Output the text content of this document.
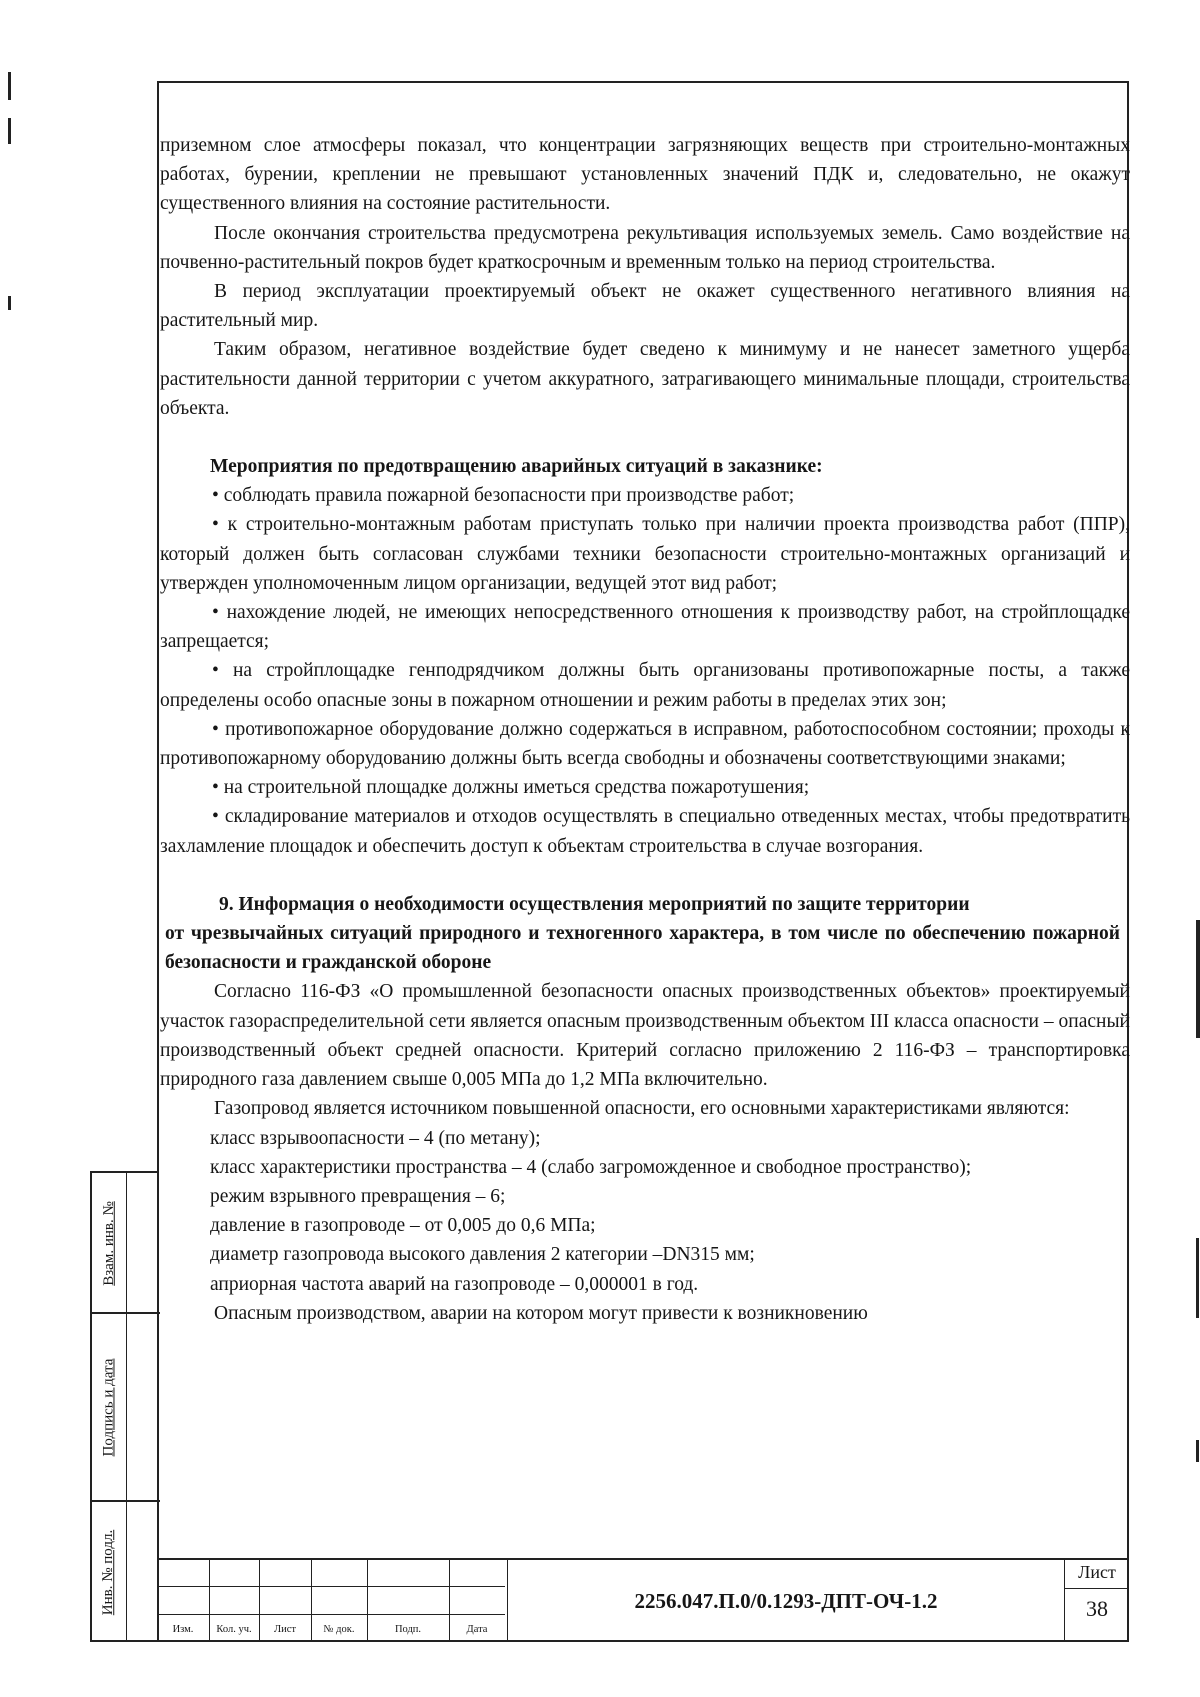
приземном слое атмосферы показал, что концентрации загрязняющих веществ при строительно-монтажных работах, бурении, креплении не превышают установленных значений ПДК и, следовательно, не окажут существенного влияния на состояние растительности.

После окончания строительства предусмотрена рекультивация используемых земель. Само воздействие на почвенно-растительный покров будет краткосрочным и временным только на период строительства.

В период эксплуатации проектируемый объект не окажет существенного негативного влияния на растительный мир.

Таким образом, негативное воздействие будет сведено к минимуму и не нанесет заметного ущерба растительности данной территории с учетом аккуратного, затрагивающего минимальные площади, строительства объекта.

Мероприятия по предотвращению аварийных ситуаций в заказнике:

• соблюдать правила пожарной безопасности при производстве работ;

• к строительно-монтажным работам приступать только при наличии проекта производства работ (ППР), который должен быть согласован службами техники безопасности строительно-монтажных организаций и утвержден уполномоченным лицом организации, ведущей этот вид работ;

• нахождение людей, не имеющих непосредственного отношения к производству работ, на стройплощадке запрещается;

• на стройплощадке генподрядчиком должны быть организованы противопожарные посты, а также определены особо опасные зоны в пожарном отношении и режим работы в пределах этих зон;

• противопожарное оборудование должно содержаться в исправном, работоспособном состоянии; проходы к противопожарному оборудованию должны быть всегда свободны и обозначены соответствующими знаками;

• на строительной площадке должны иметься средства пожаротушения;

• складирование материалов и отходов осуществлять в специально отведенных местах, чтобы предотвратить захламление площадок и обеспечить доступ к объектам строительства в случае возгорания.

9. Информация о необходимости осуществления мероприятий по защите территории
от чрезвычайных ситуаций природного и техногенного характера, в том числе по обеспечению пожарной безопасности и гражданской обороне

Согласно 116-ФЗ «О промышленной безопасности опасных производственных объектов» проектируемый участок газораспределительной сети является опасным производственным объектом III класса опасности – опасный производственный объект средней опасности. Критерий согласно приложению 2 116-ФЗ – транспортировка природного газа давлением свыше 0,005 МПа до 1,2 МПа включительно.

Газопровод является источником повышенной опасности, его основными характеристиками являются:

класс взрывоопасности – 4 (по метану);

класс характеристики пространства – 4 (слабо загроможденное и свободное пространство);

режим взрывного превращения – 6;

давление в газопроводе – от 0,005 до 0,6 МПа;

диаметр газопровода высокого давления 2 категории –DN315 мм;

априорная частота аварий на газопроводе – 0,000001 в год.

Опасным производством, аварии на котором могут привести к возникновению

Взам. инв. №
Подпись и дата
Инв. № подл.
Изм.	Кол. уч.	Лист	№ док.	Подп.	Дата
2256.047.П.0/0.1293-ДПТ-ОЧ-1.2
Лист
38
